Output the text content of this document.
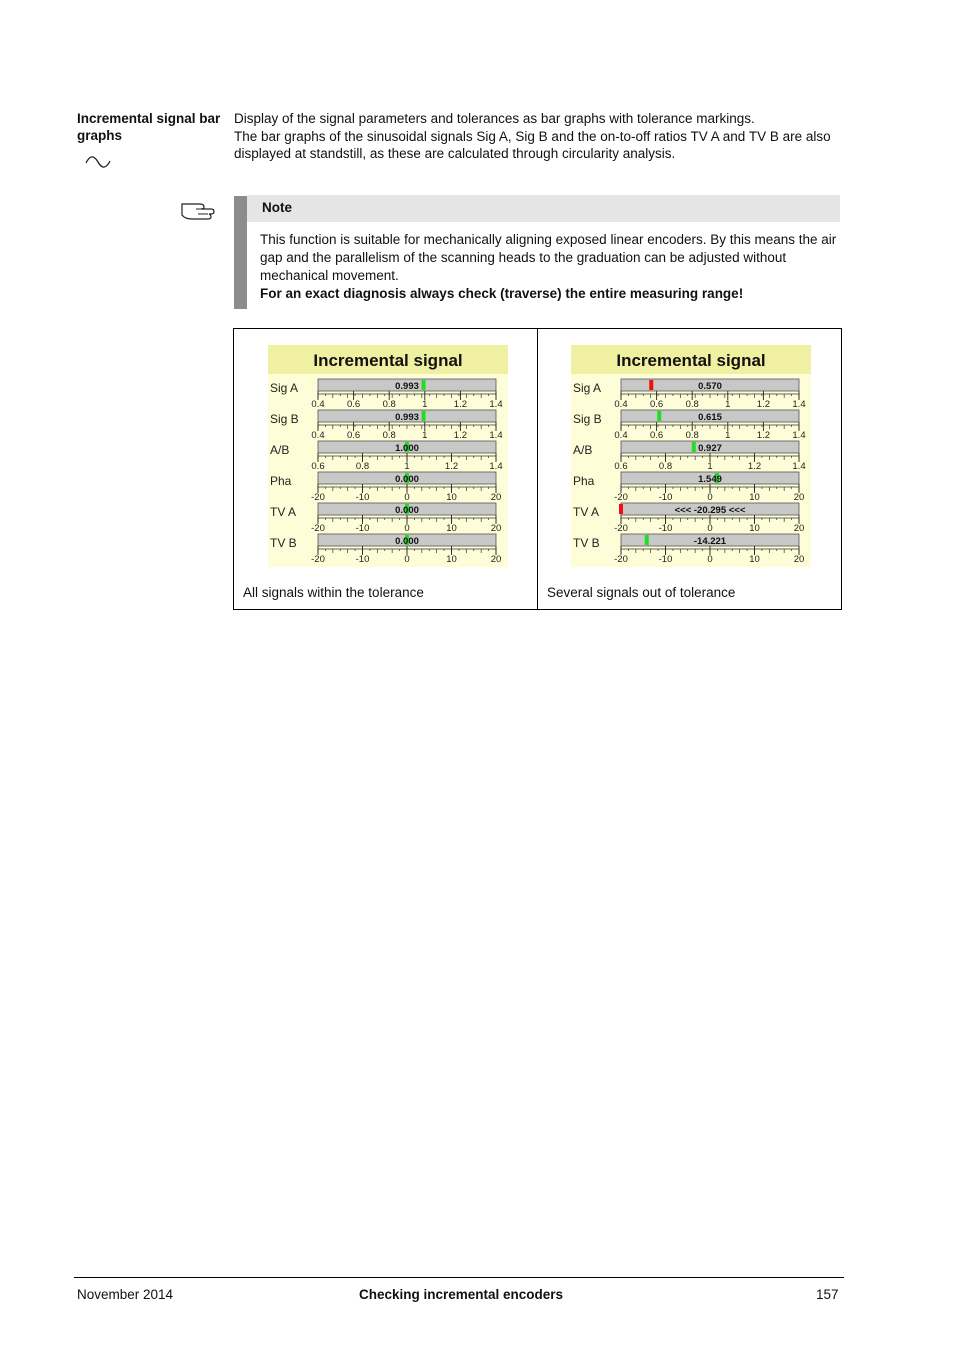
Incremental signal bar graphs
Display of the signal parameters and tolerances as bar graphs with tolerance markings.
The bar graphs of the sinusoidal signals Sig A, Sig B and the on-to-off ratios TV A and TV B are also displayed at standstill, as these are calculated through circularity analysis.
Note
This function is suitable for mechanically aligning exposed linear encoders. By this means the air gap and the parallelism of the scanning heads to the graduation can be adjusted without mechanical movement.
For an exact diagnosis always check (traverse) the entire measuring range!
Incremental signal
Sig A	0.993
0.4 0.6 0.8	1	1.2 1.4
Sig B	0.993
0.4 0.6 0.8	1	1.2 1.4
A/B	1.000
0.6	0.8	1	1.2	1.4
Pha	0.000
-20	-10	0	10	20
TV A	0.000
-20	-10	0	10	20
TV B	0.000
-20	-10	0	10	20
Incremental signal
Sig A	0.570
0.4 0.6 0.8	1	1.2 1.4
Sig B	0.615
0.4 0.6 0.8	1	1.2 1.4
A/B	0.927
0.6	0.8	1	1.2	1.4
Pha	1.549
-20	-10	0	10	20
TV A	<<< -20.295 <<<
-20	-10	0	10	20
TV B	-14.221
-20	-10	0	10	20
All signals within the tolerance	Several signals out of tolerance
November 2014	Checking incremental encoders	157
